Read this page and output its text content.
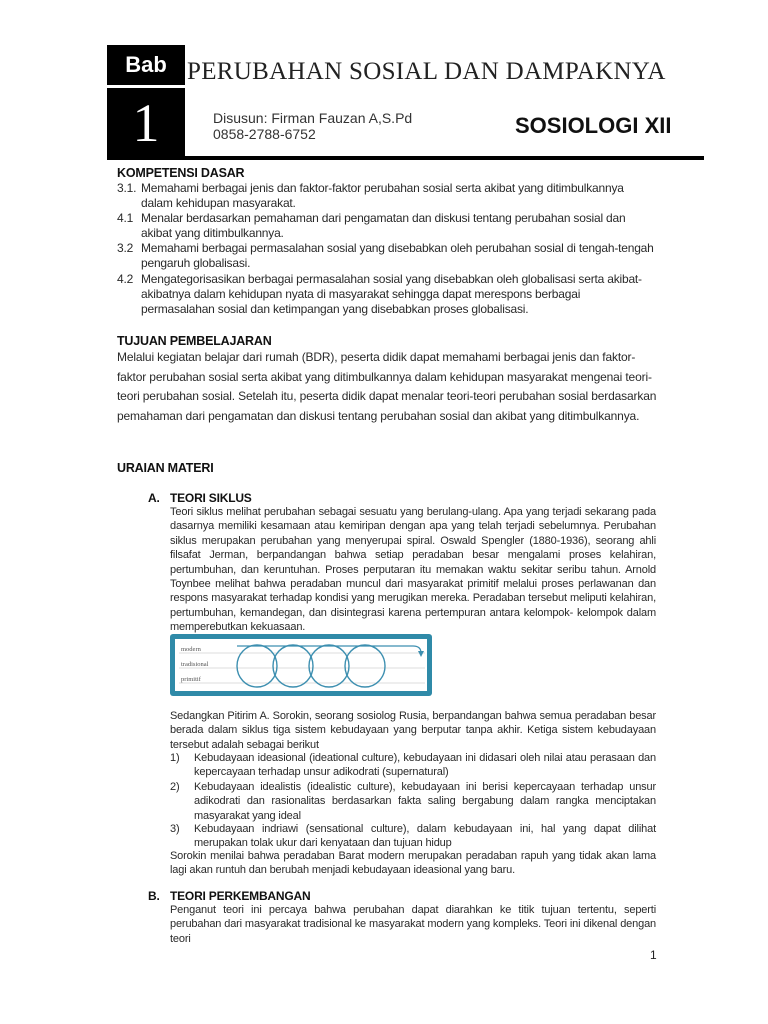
Bab
1
PERUBAHAN SOSIAL DAN DAMPAKNYA
Disusun: Firman Fauzan A,S.Pd
0858-2788-6752	SOSIOLOGI XII
KOMPETENSI DASAR
3.1. Memahami berbagai jenis dan faktor-faktor perubahan sosial serta akibat yang ditimbulkannya
dalam kehidupan masyarakat.
4.1 Menalar berdasarkan pemahaman dari pengamatan dan diskusi tentang perubahan sosial dan
akibat yang ditimbulkannya.
3.2 Memahami berbagai permasalahan sosial yang disebabkan oleh perubahan sosial di tengah-tengah
pengaruh globalisasi.
4.2 Mengategorisasikan berbagai permasalahan sosial yang disebabkan oleh globalisasi serta akibat-
akibatnya dalam kehidupan nyata di masyarakat sehingga dapat merespons berbagai
permasalahan sosial dan ketimpangan yang disebabkan proses globalisasi.
TUJUAN PEMBELAJARAN
Melalui kegiatan belajar dari rumah (BDR), peserta didik dapat memahami berbagai jenis dan faktor-
faktor perubahan sosial serta akibat yang ditimbulkannya dalam kehidupan masyarakat mengenai teori-
teori perubahan sosial. Setelah itu, peserta didik dapat menalar teori-teori perubahan sosial berdasarkan
pemahaman dari pengamatan dan diskusi tentang perubahan sosial dan akibat yang ditimbulkannya.
URAIAN MATERI
A. TEORI SIKLUS
Teori siklus melihat perubahan sebagai sesuatu yang berulang-ulang. Apa yang terjadi sekarang pada dasarnya memiliki kesamaan atau kemiripan dengan apa yang telah terjadi sebelumnya. Perubahan siklus merupakan perubahan yang menyerupai spiral. Oswald Spengler (1880-1936), seorang ahli filsafat Jerman, berpandangan bahwa setiap peradaban besar mengalami proses kelahiran, pertumbuhan, dan keruntuhan. Proses perputaran itu memakan waktu sekitar seribu tahun. Arnold Toynbee melihat bahwa peradaban muncul dari masyarakat primitif melalui proses perlawanan dan respons masyarakat terhadap kondisi yang merugikan mereka. Peradaban tersebut meliputi kelahiran, pertumbuhan, kemandegan, dan disintegrasi karena pertempuran antara kelompok- kelompok dalam memperebutkan kekuasaan.
modern
tradisional
primitif
Sedangkan Pitirim A. Sorokin, seorang sosiolog Rusia, berpandangan bahwa semua peradaban besar berada dalam siklus tiga sistem kebudayaan yang berputar tanpa akhir. Ketiga sistem kebudayaan tersebut adalah sebagai berikut
1)	Kebudayaan ideasional (ideational culture), kebudayaan ini didasari oleh nilai atau perasaan dan kepercayaan terhadap unsur adikodrati (supernatural)
2)	Kebudayaan idealistis (idealistic culture), kebudayaan ini berisi kepercayaan terhadap unsur adikodrati dan rasionalitas berdasarkan fakta saling bergabung dalam rangka menciptakan masyarakat yang ideal
3)	Kebudayaan indriawi (sensational culture), dalam kebudayaan ini, hal yang dapat dilihat merupakan tolak ukur dari kenyataan dan tujuan hidup
Sorokin menilai bahwa peradaban Barat modern merupakan peradaban rapuh yang tidak akan lama lagi akan runtuh dan berubah menjadi kebudayaan ideasional yang baru.
B. TEORI PERKEMBANGAN
Penganut teori ini percaya bahwa perubahan dapat diarahkan ke titik tujuan tertentu, seperti perubahan dari masyarakat tradisional ke masyarakat modern yang kompleks. Teori ini dikenal dengan teori
1
